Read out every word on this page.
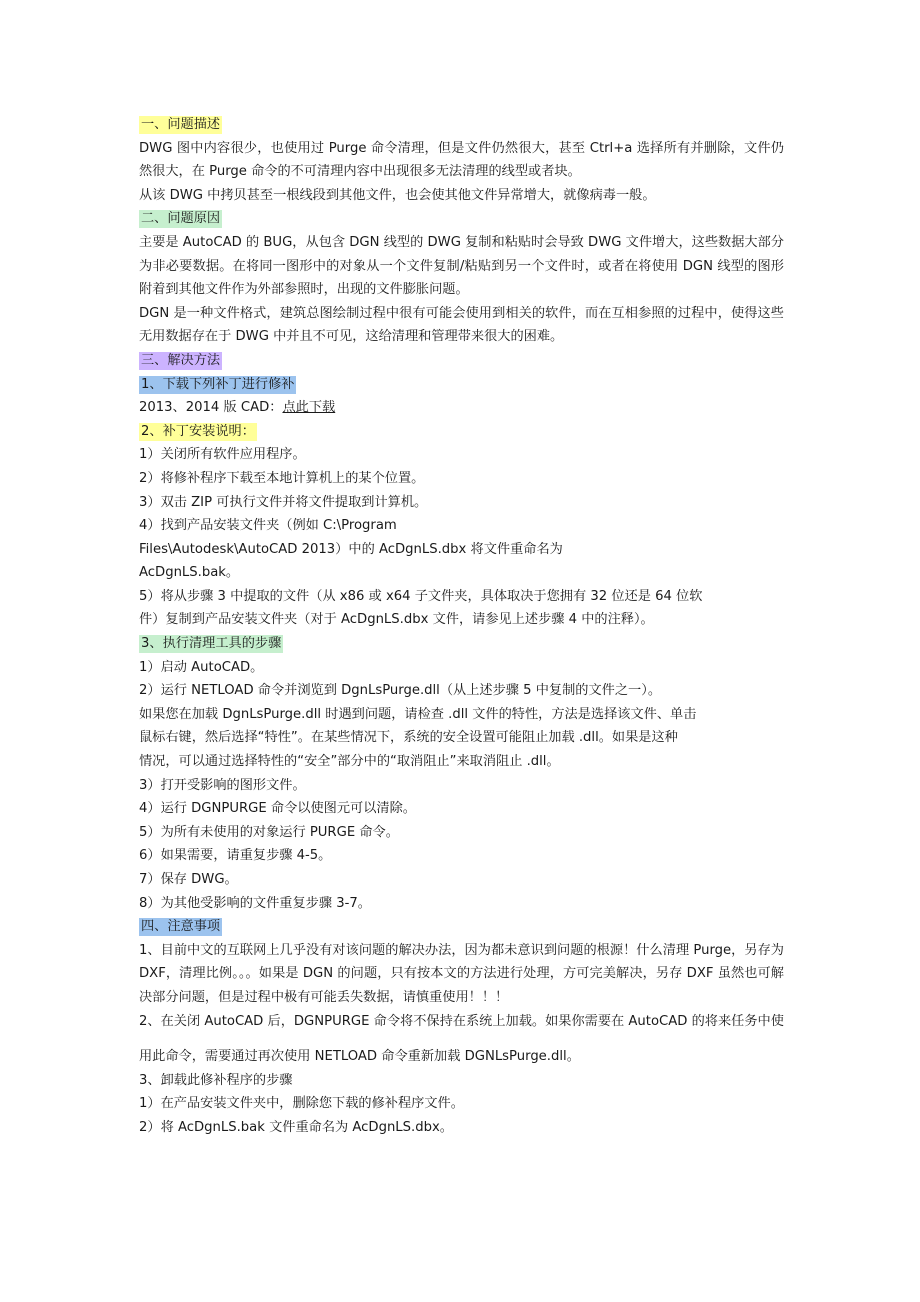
一、问题描述

DWG 图中内容很少，也使用过 Purge 命令清理，但是文件仍然很大，甚至 Ctrl+a 选择所有并删除，文件仍然很大，在 Purge 命令的不可清理内容中出现很多无法清理的线型或者块。

从该 DWG 中拷贝甚至一根线段到其他文件，也会使其他文件异常增大，就像病毒一般。

二、问题原因

主要是 AutoCAD 的 BUG，从包含 DGN 线型的 DWG 复制和粘贴时会导致 DWG 文件增大，这些数据大部分为非必要数据。在将同一图形中的对象从一个文件复制/粘贴到另一个文件时，或者在将使用 DGN 线型的图形附着到其他文件作为外部参照时，出现的文件膨胀问题。

DGN 是一种文件格式，建筑总图绘制过程中很有可能会使用到相关的软件，而在互相参照的过程中，使得这些无用数据存在于 DWG 中并且不可见，这给清理和管理带来很大的困难。

三、解决方法

1、下载下列补丁进行修补

2013、2014 版 CAD：点此下载

2、补丁安装说明：

1）关闭所有软件应用程序。

2）将修补程序下载至本地计算机上的某个位置。

3）双击 ZIP 可执行文件并将文件提取到计算机。

4）找到产品安装文件夹（例如 C:\Program

Files\Autodesk\AutoCAD 2013）中的 AcDgnLS.dbx 将文件重命名为

AcDgnLS.bak。

5）将从步骤 3 中提取的文件（从 x86 或 x64 子文件夹，具体取决于您拥有 32 位还是 64 位软

件）复制到产品安装文件夹（对于 AcDgnLS.dbx 文件，请参见上述步骤 4 中的注释）。

3、执行清理工具的步骤

1）启动 AutoCAD。

2）运行 NETLOAD 命令并浏览到 DgnLsPurge.dll（从上述步骤 5 中复制的文件之一）。

如果您在加载 DgnLsPurge.dll 时遇到问题，请检查 .dll 文件的特性，方法是选择该文件、单击

鼠标右键，然后选择“特性”。在某些情况下，系统的安全设置可能阻止加载 .dll。如果是这种

情况，可以通过选择特性的“安全”部分中的“取消阻止”来取消阻止 .dll。

3）打开受影响的图形文件。

4）运行 DGNPURGE 命令以使图元可以清除。

5）为所有未使用的对象运行 PURGE 命令。

6）如果需要，请重复步骤 4-5。

7）保存 DWG。

8）为其他受影响的文件重复步骤 3-7。

四、注意事项

1、目前中文的互联网上几乎没有对该问题的解决办法，因为都未意识到问题的根源！什么清理 Purge，另存为 DXF，清理比例。。。如果是 DGN 的问题，只有按本文的方法进行处理，方可完美解决，另存 DXF 虽然也可解决部分问题，但是过程中极有可能丢失数据，请慎重使用！！！

2、在关闭 AutoCAD 后，DGNPURGE 命令将不保持在系统上加载。如果你需要在 AutoCAD 的将来任务中使

用此命令，需要通过再次使用 NETLOAD 命令重新加载 DGNLsPurge.dll。

3、卸载此修补程序的步骤

1）在产品安装文件夹中，删除您下载的修补程序文件。

2）将 AcDgnLS.bak 文件重命名为 AcDgnLS.dbx。
